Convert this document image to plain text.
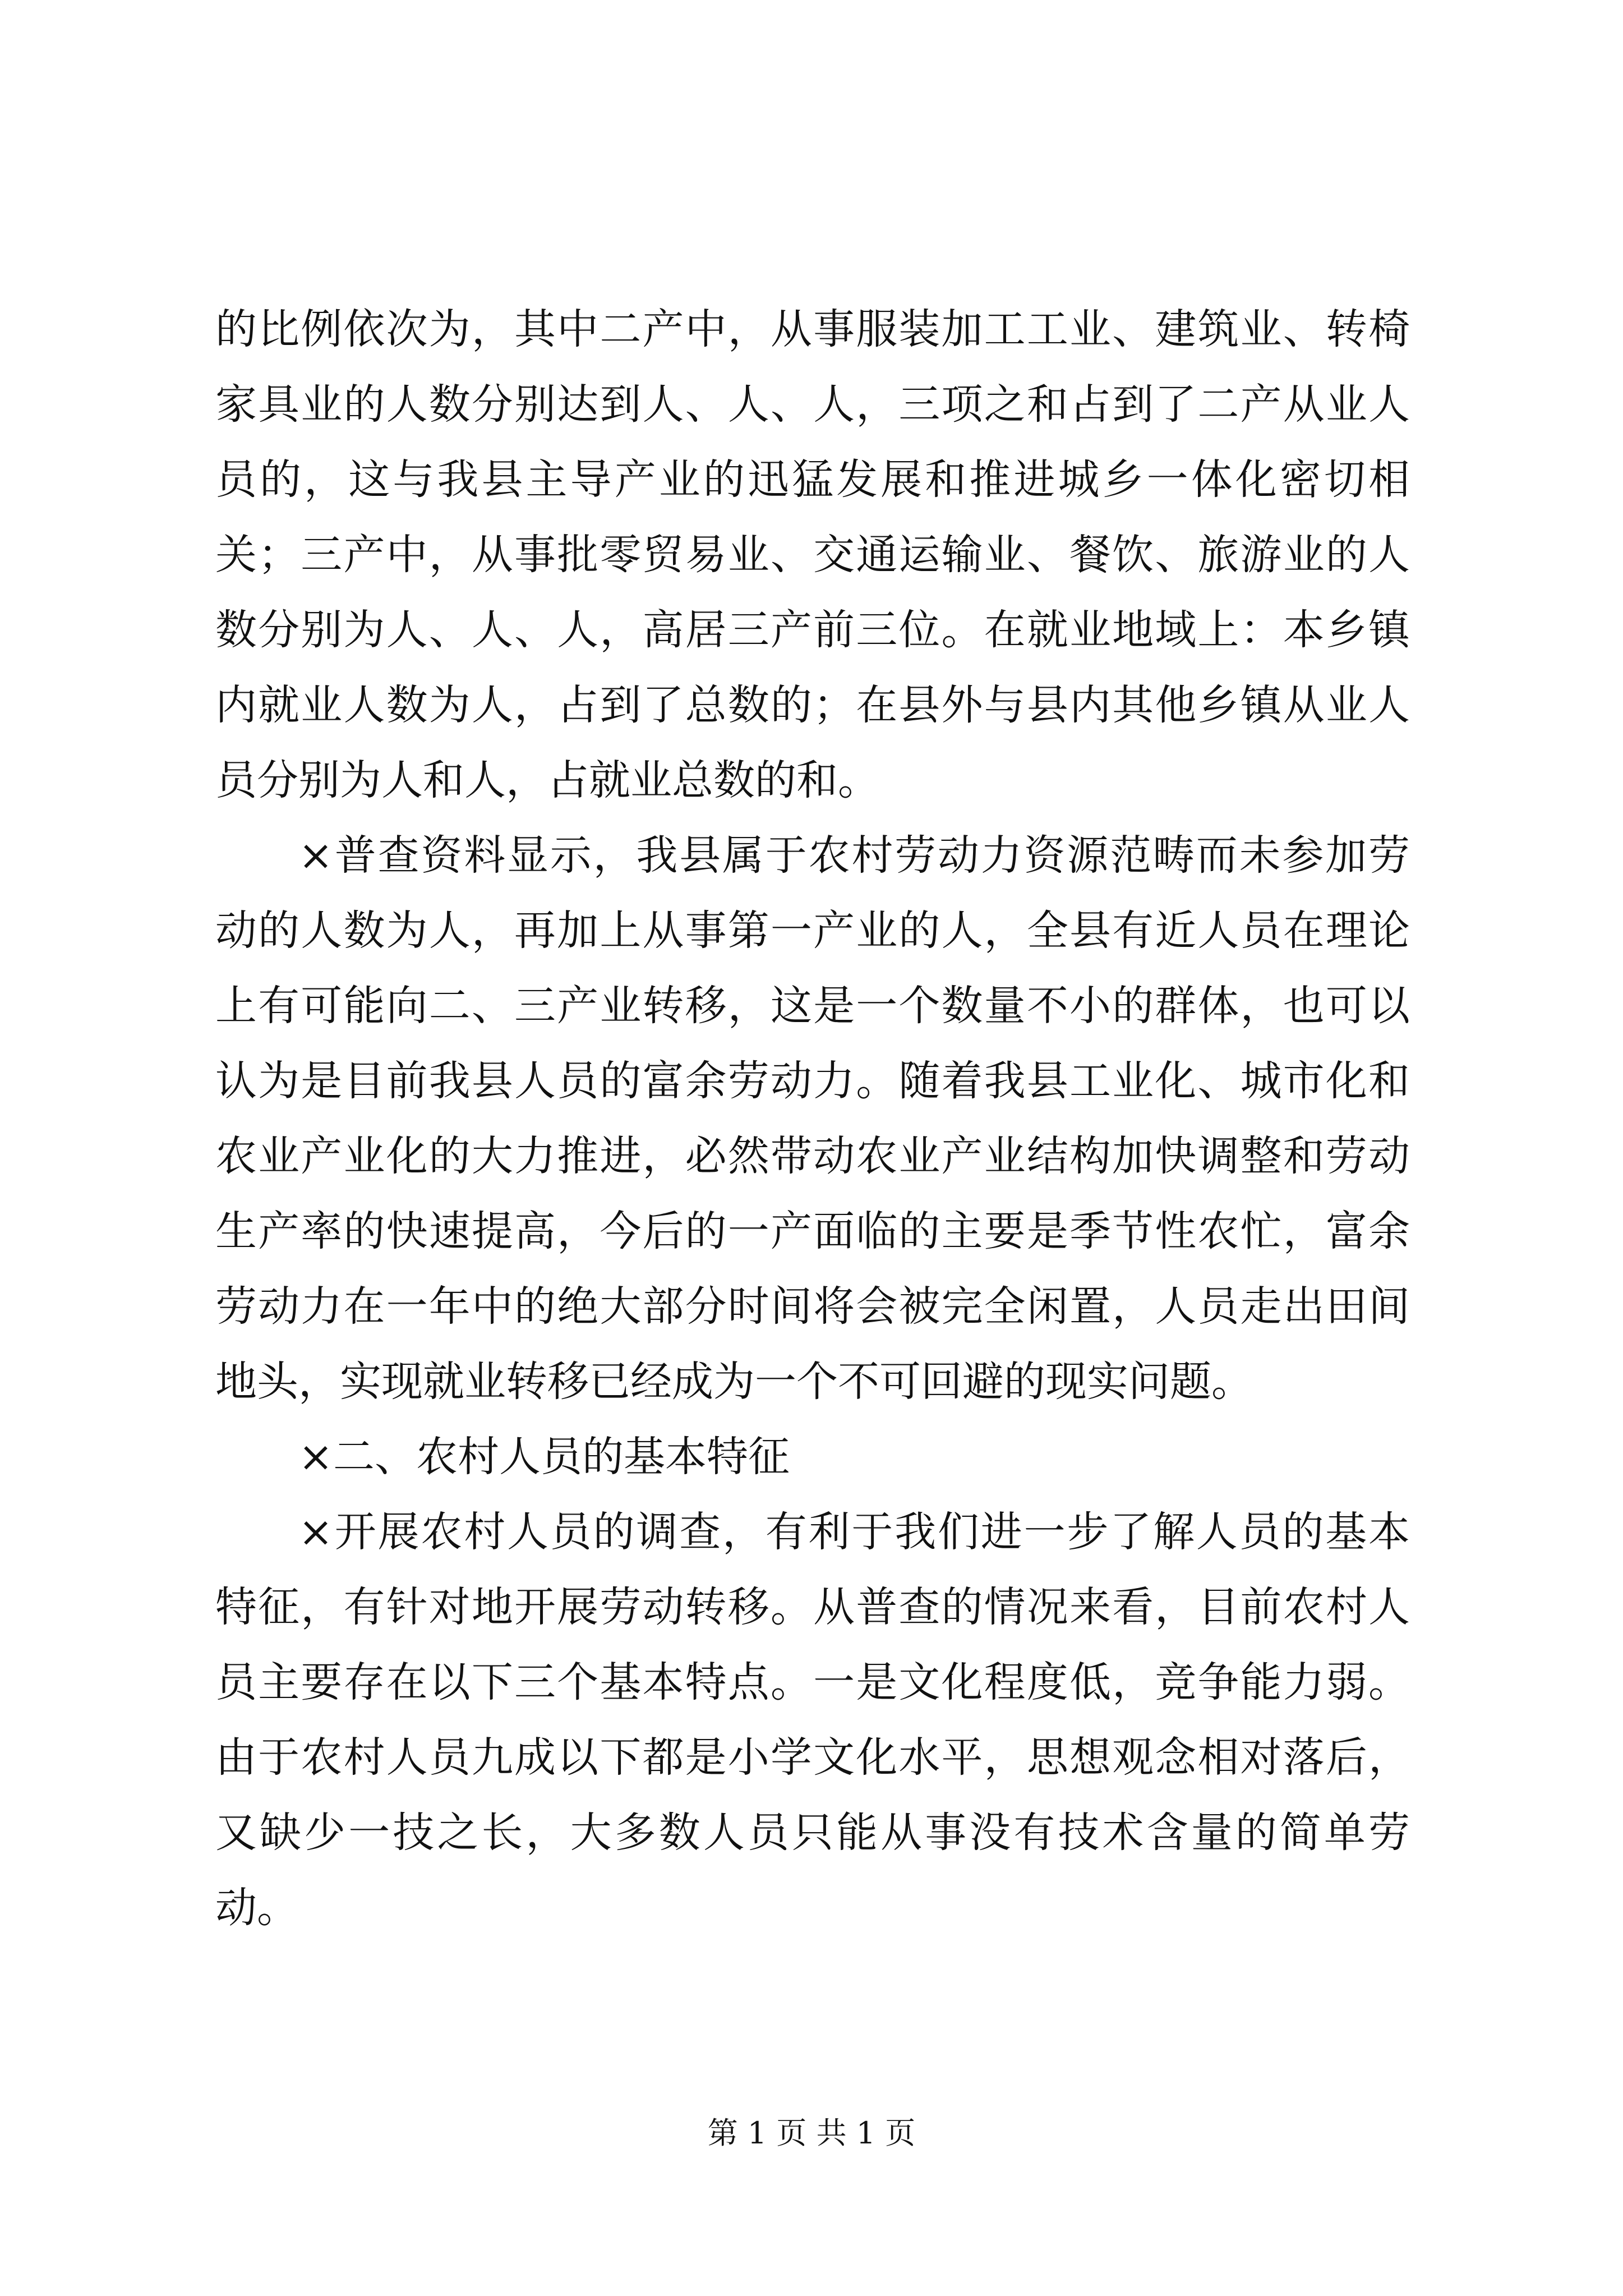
的比例依次为，其中二产中，从事服装加工工业、建筑业、转椅家具业的人数分别达到人、人、人，三项之和占到了二产从业人员的，这与我县主导产业的迅猛发展和推进城乡一体化密切相关；三产中，从事批零贸易业、交通运输业、餐饮、旅游业的人数分别为人、人、人，高居三产前三位。在就业地域上：本乡镇内就业人数为人，占到了总数的；在县外与县内其他乡镇从业人员分别为人和人，占就业总数的和。

×普查资料显示，我县属于农村劳动力资源范畴而未参加劳动的人数为人，再加上从事第一产业的人，全县有近人员在理论上有可能向二、三产业转移，这是一个数量不小的群体，也可以认为是目前我县人员的富余劳动力。随着我县工业化、城市化和农业产业化的大力推进，必然带动农业产业结构加快调整和劳动生产率的快速提高，今后的一产面临的主要是季节性农忙，富余劳动力在一年中的绝大部分时间将会被完全闲置，人员走出田间地头，实现就业转移已经成为一个不可回避的现实问题。

×二、农村人员的基本特征

×开展农村人员的调查，有利于我们进一步了解人员的基本特征，有针对地开展劳动转移。从普查的情况来看，目前农村人员主要存在以下三个基本特点。一是文化程度低，竞争能力弱。由于农村人员九成以下都是小学文化水平，思想观念相对落后，又缺少一技之长，大多数人员只能从事没有技术含量的简单劳动。

第 1 页 共 1 页
